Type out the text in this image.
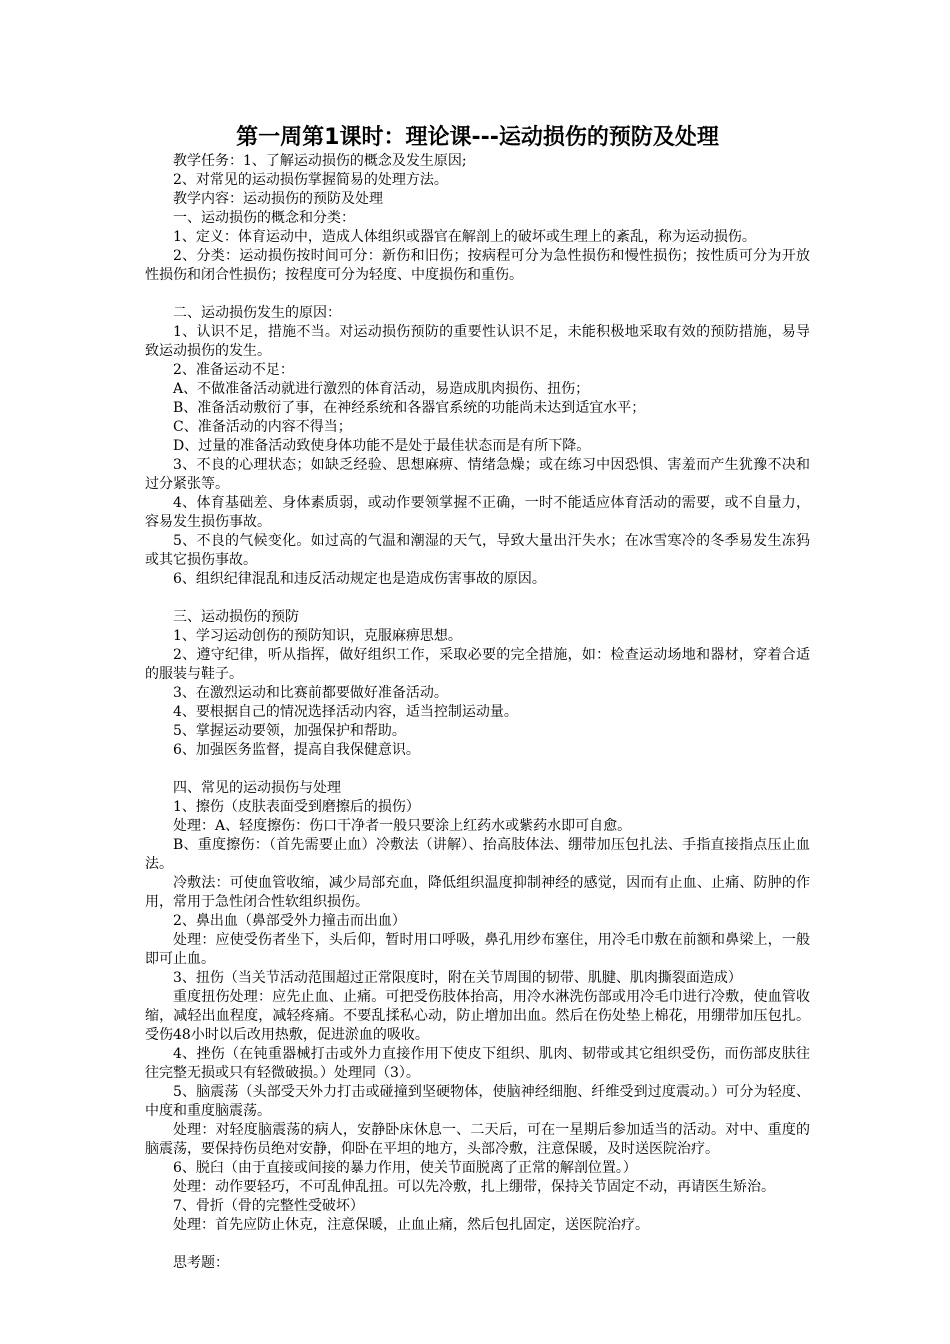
第一周第1课时：理论课---运动损伤的预防及处理
教学任务：1、了解运动损伤的概念及发生原因;
2、对常见的运动损伤掌握简易的处理方法。
教学内容：运动损伤的预防及处理
一、运动损伤的概念和分类：
1、定义：体育运动中，造成人体组织或器官在解剖上的破坏或生理上的紊乱，称为运动损伤。
2、分类：运动损伤按时间可分：新伤和旧伤；按病程可分为急性损伤和慢性损伤；按性质可分为开放性损伤和闭合性损伤；按程度可分为轻度、中度损伤和重伤。
二、运动损伤发生的原因：
1、认识不足，措施不当。对运动损伤预防的重要性认识不足，未能积极地采取有效的预防措施，易导致运动损伤的发生。
2、准备运动不足：
A、不做准备活动就进行激烈的体育活动，易造成肌肉损伤、扭伤；
B、准备活动敷衍了事，在神经系统和各器官系统的功能尚未达到适宜水平；
C、准备活动的内容不得当；
D、过量的准备活动致使身体功能不是处于最佳状态而是有所下降。
3、不良的心理状态；如缺乏经验、思想麻痹、情绪急燥；或在练习中因恐惧、害羞而产生犹豫不决和过分紧张等。
4、体育基础差、身体素质弱，或动作要领掌握不正确，一时不能适应体育活动的需要，或不自量力，容易发生损伤事故。
5、不良的气候变化。如过高的气温和潮湿的天气，导致大量出汗失水；在冰雪寒冷的冬季易发生冻犸或其它损伤事故。
6、组织纪律混乱和违反活动规定也是造成伤害事故的原因。
三、运动损伤的预防
1、学习运动创伤的预防知识，克服麻痹思想。
2、遵守纪律，听从指挥，做好组织工作，采取必要的完全措施，如：检查运动场地和器材，穿着合适的服装与鞋子。
3、在激烈运动和比赛前都要做好准备活动。
4、要根据自己的情况选择活动内容，适当控制运动量。
5、掌握运动要领，加强保护和帮助。
6、加强医务监督，提高自我保健意识。
四、常见的运动损伤与处理
1、擦伤（皮肤表面受到磨擦后的损伤）
处理：A、轻度擦伤：伤口干净者一般只要涂上红药水或紫药水即可自愈。
B、重度擦伤：（首先需要止血）冷敷法（讲解）、抬高肢体法、绷带加压包扎法、手指直接指点压止血法。
冷敷法：可使血管收缩，减少局部充血，降低组织温度抑制神经的感觉，因而有止血、止痛、防肿的作用，常用于急性闭合性软组织损伤。
2、鼻出血（鼻部受外力撞击而出血）
处理：应使受伤者坐下，头后仰，暂时用口呼吸，鼻孔用纱布塞住，用冷毛巾敷在前额和鼻梁上，一般即可止血。
3、扭伤（当关节活动范围超过正常限度时，附在关节周围的韧带、肌腱、肌肉撕裂面造成）
重度扭伤处理：应先止血、止痛。可把受伤肢体抬高，用冷水淋洗伤部或用冷毛巾进行冷敷，使血管收缩，减轻出血程度，减轻疼痛。不要乱揉私心动，防止增加出血。然后在伤处垫上棉花，用绷带加压包扎。受伤48小时以后改用热敷，促进淤血的吸收。
4、挫伤（在钝重器械打击或外力直接作用下使皮下组织、肌肉、韧带或其它组织受伤，而伤部皮肤往往完整无损或只有轻微破损。）处理同（3）。
5、脑震荡（头部受天外力打击或碰撞到坚硬物体，使脑神经细胞、纤维受到过度震动。）可分为轻度、中度和重度脑震荡。
处理：对轻度脑震荡的病人，安静卧床休息一、二天后，可在一星期后参加适当的活动。对中、重度的脑震荡，要保持伤员绝对安静，仰卧在平坦的地方，头部冷敷，注意保暖，及时送医院治疗。
6、脱臼（由于直接或间接的暴力作用，使关节面脱离了正常的解剖位置。）
处理：动作要轻巧，不可乱伸乱扭。可以先冷敷，扎上绷带，保持关节固定不动，再请医生矫治。
7、骨折（骨的完整性受破坏）
处理：首先应防止休克，注意保暖，止血止痛，然后包扎固定，送医院治疗。
思考题：
